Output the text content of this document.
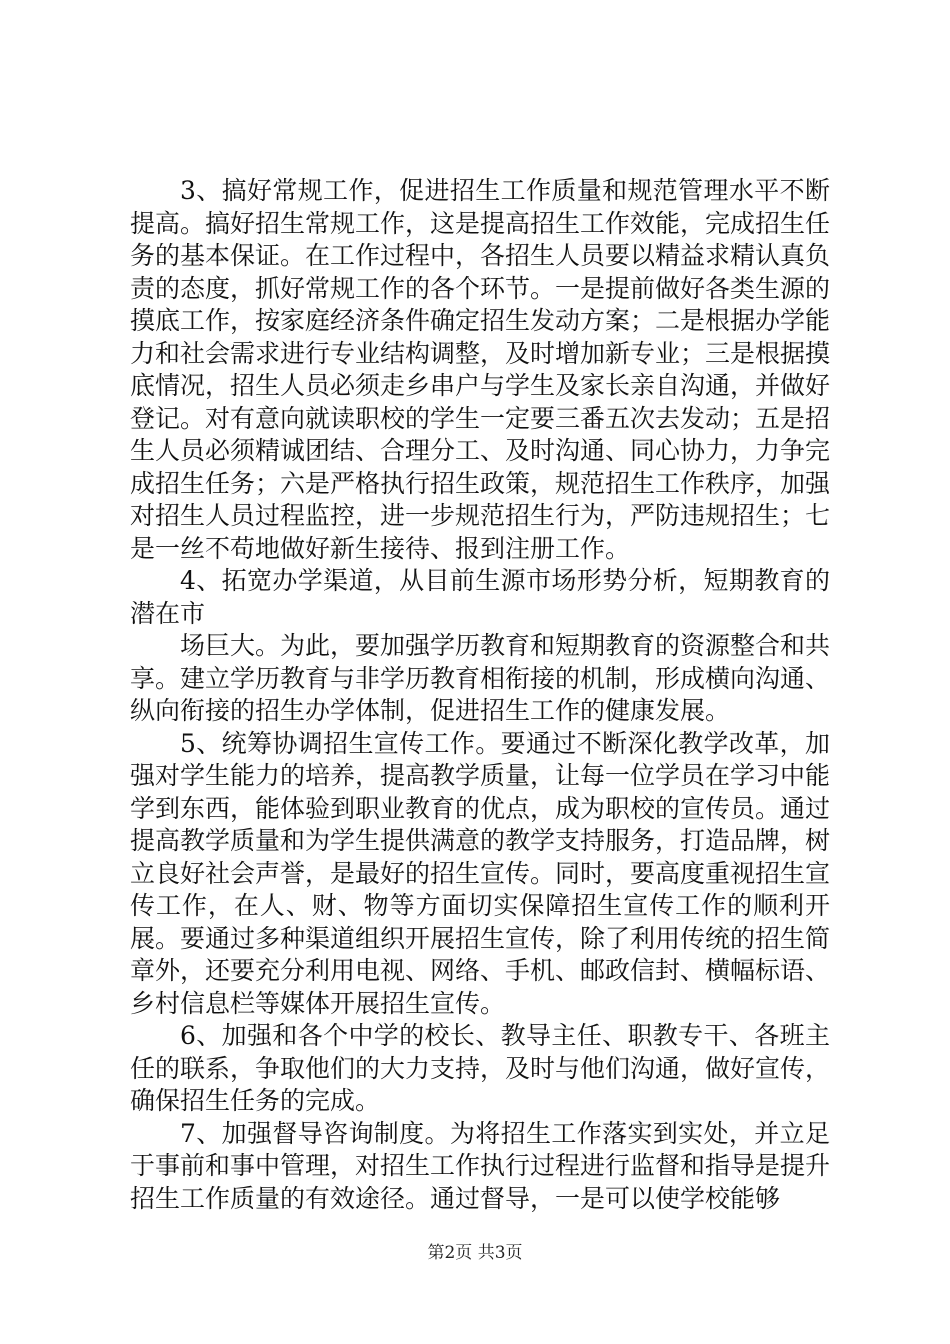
3、搞好常规工作，促进招生工作质量和规范管理水平不断提高。搞好招生常规工作，这是提高招生工作效能，完成招生任务的基本保证。在工作过程中，各招生人员要以精益求精认真负责的态度，抓好常规工作的各个环节。一是提前做好各类生源的摸底工作，按家庭经济条件确定招生发动方案；二是根据办学能力和社会需求进行专业结构调整，及时增加新专业；三是根据摸底情况，招生人员必须走乡串户与学生及家长亲自沟通，并做好登记。对有意向就读职校的学生一定要三番五次去发动；五是招生人员必须精诚团结、合理分工、及时沟通、同心协力，力争完成招生任务；六是严格执行招生政策，规范招生工作秩序，加强对招生人员过程监控，进一步规范招生行为，严防违规招生；七是一丝不苟地做好新生接待、报到注册工作。

4、拓宽办学渠道，从目前生源市场形势分析，短期教育的潜在市

场巨大。为此，要加强学历教育和短期教育的资源整合和共享。建立学历教育与非学历教育相衔接的机制，形成横向沟通、纵向衔接的招生办学体制，促进招生工作的健康发展。

5、统筹协调招生宣传工作。要通过不断深化教学改革，加强对学生能力的培养，提高教学质量，让每一位学员在学习中能学到东西，能体验到职业教育的优点，成为职校的宣传员。通过提高教学质量和为学生提供满意的教学支持服务，打造品牌，树立良好社会声誉，是最好的招生宣传。同时，要高度重视招生宣传工作，在人、财、物等方面切实保障招生宣传工作的顺利开展。要通过多种渠道组织开展招生宣传，除了利用传统的招生简章外，还要充分利用电视、网络、手机、邮政信封、横幅标语、乡村信息栏等媒体开展招生宣传。

6、加强和各个中学的校长、教导主任、职教专干、各班主任的联系，争取他们的大力支持，及时与他们沟通，做好宣传，确保招生任务的完成。

7、加强督导咨询制度。为将招生工作落实到实处，并立足于事前和事中管理，对招生工作执行过程进行监督和指导是提升招生工作质量的有效途径。通过督导，一是可以使学校能够

第2页 共3页
